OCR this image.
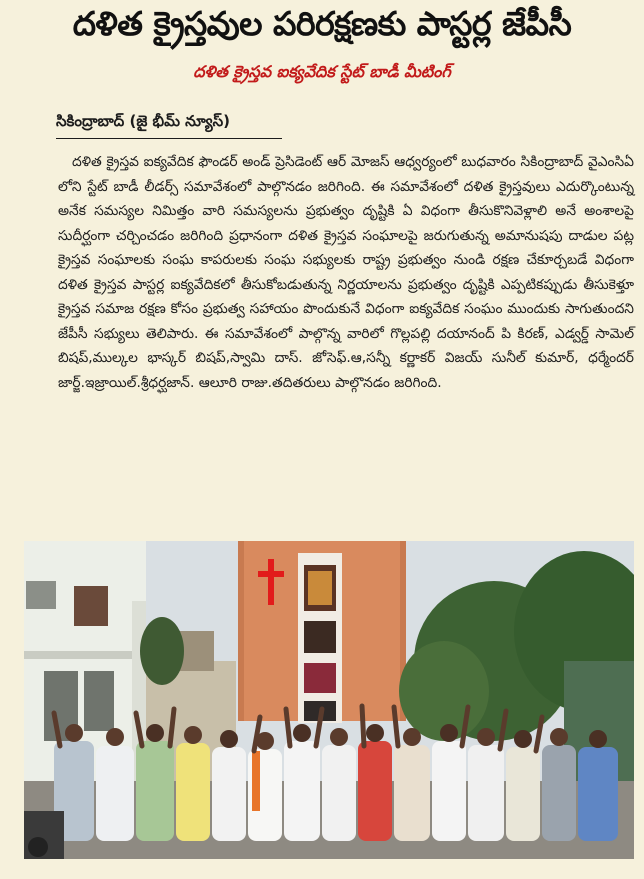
దళిత క్రైస్తవుల పరిరక్షణకు పాస్టర్ల జేపీసీ
దళిత క్రైస్తవ ఐక్యవేదిక స్టేట్ బాడీ మీటింగ్
సికింద్రాబాద్ (జై భీమ్ న్యూస్)

దళిత క్రైస్తవ ఐక్యవేదిక ఫౌండర్ అండ్ ప్రెసిడెంట్ ఆర్ మోజస్ ఆధ్వర్యంలో బుధవారం సికింద్రాబాద్ వైఎంసిఏ లోని స్టేట్ బాడీ లీడర్స్ సమావేశంలో పాల్గొనడం జరిగింది. ఈ సమావేశంలో దళిత క్రైస్తవులు ఎదుర్కొంటున్న అనేక సమస్యల నిమిత్తం వారి సమస్యలను ప్రభుత్వం దృష్టికి ఏ విధంగా తీసుకొనివెళ్లాలి అనే అంశాలపై సుదీర్ఘంగా చర్చించడం జరిగింది ప్రధానంగా దళిత క్రైస్తవ సంఘాలపై జరుగుతున్న అమానుషపు దాడుల పట్ల క్రైస్తవ సంఘాలకు సంఘ కాపరులకు సంఘ సభ్యులకు రాష్ట్ర ప్రభుత్వం నుండి రక్షణ చేకూర్చబడే విధంగా దళిత క్రైస్తవ పాస్టర్ల ఐక్యవేదికలో తీసుకోబడుతున్న నిర్ణయాలను ప్రభుత్వం దృష్టికి ఎప్పటికప్పుడు తీసుకెళ్తూ క్రైస్తవ సమాజ రక్షణ కోసం ప్రభుత్వ సహాయం పొందుకునే విధంగా ఐక్యవేదిక సంఘం ముందుకు సాగుతుందని జేపీసీ సభ్యులు తెలిపారు. ఈ సమావేశంలో పాల్గొన్న వారిలో గొల్లపల్లి దయానంద్ పి కిరణ్, ఎడ్వర్డ్ సామెల్ బిషప్,ముల్కల భాస్కర్ బిషప్,స్వామి దాస్. జోసెఫ్.ఆ,సన్నీ కర్ణాకర్ విజయ్ సునీల్ కుమార్, ధర్మేందర్ జార్జ్.ఇజ్రాయిల్.శ్రీధర్ఘజాన్. ఆలూరి రాజు.తదితరులు పాల్గొనడం జరిగింది.
